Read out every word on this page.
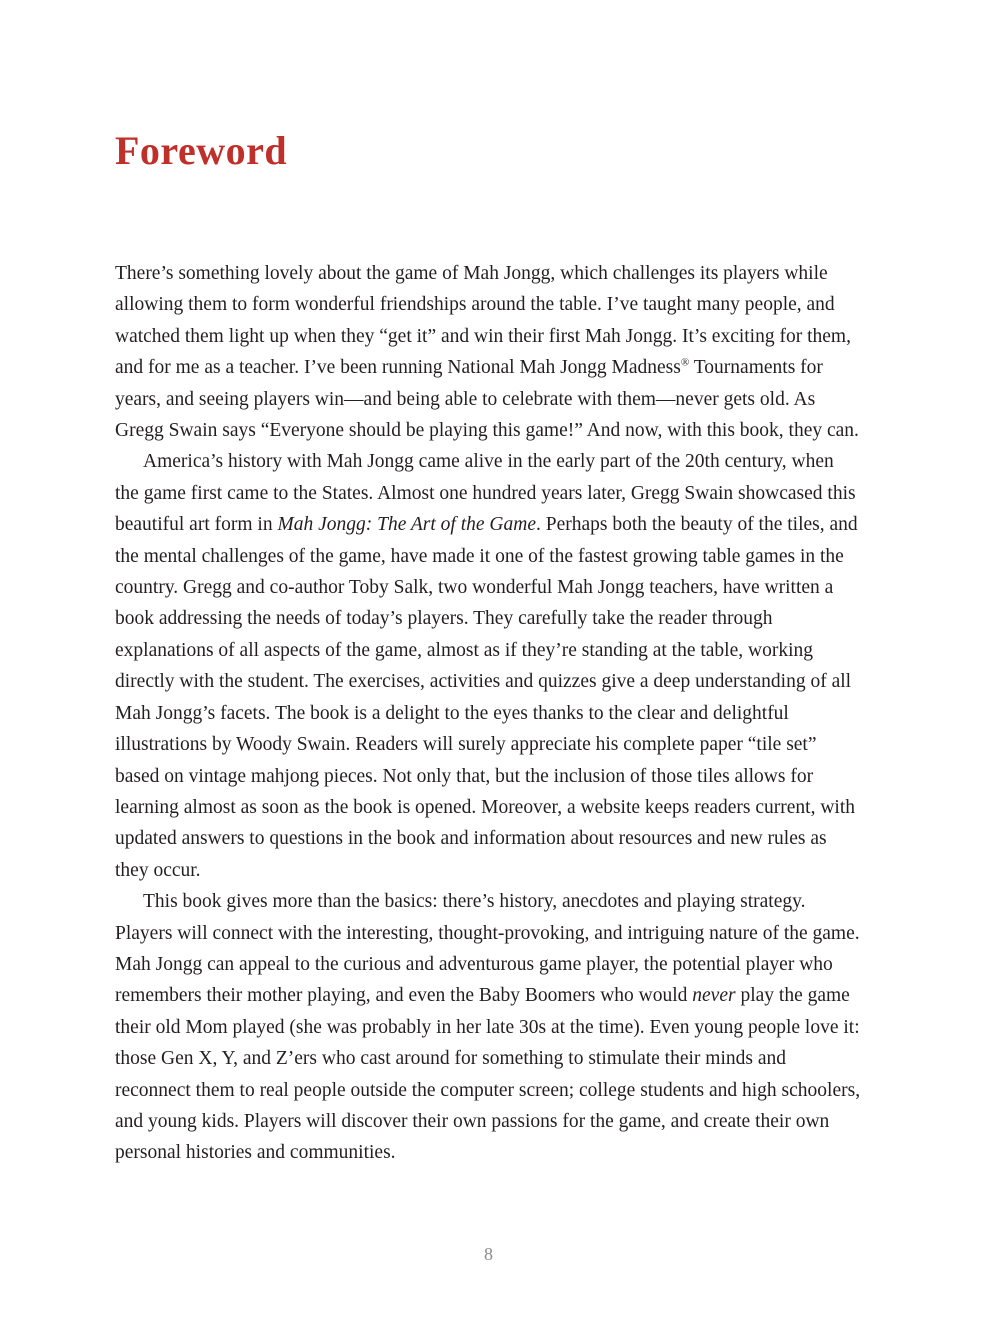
Foreword

There’s something lovely about the game of Mah Jongg, which challenges its players while allowing them to form wonderful friendships around the table. I’ve taught many people, and watched them light up when they “get it” and win their first Mah Jongg. It’s exciting for them, and for me as a teacher. I’ve been running National Mah Jongg Madness® Tournaments for years, and seeing players win—and being able to celebrate with them—never gets old. As Gregg Swain says “Everyone should be playing this game!” And now, with this book, they can.

America’s history with Mah Jongg came alive in the early part of the 20th century, when the game first came to the States. Almost one hundred years later, Gregg Swain showcased this beautiful art form in Mah Jongg: The Art of the Game. Perhaps both the beauty of the tiles, and the mental challenges of the game, have made it one of the fastest growing table games in the country. Gregg and co-author Toby Salk, two wonderful Mah Jongg teachers, have written a book addressing the needs of today’s players. They carefully take the reader through explanations of all aspects of the game, almost as if they’re standing at the table, working directly with the student. The exercises, activities and quizzes give a deep understanding of all Mah Jongg’s facets. The book is a delight to the eyes thanks to the clear and delightful illustrations by Woody Swain. Readers will surely appreciate his complete paper “tile set” based on vintage mahjong pieces. Not only that, but the inclusion of those tiles allows for learning almost as soon as the book is opened. Moreover, a website keeps readers current, with updated answers to questions in the book and information about resources and new rules as they occur.

This book gives more than the basics: there’s history, anecdotes and playing strategy. Players will connect with the interesting, thought-provoking, and intriguing nature of the game. Mah Jongg can appeal to the curious and adventurous game player, the potential player who remembers their mother playing, and even the Baby Boomers who would never play the game their old Mom played (she was probably in her late 30s at the time). Even young people love it: those Gen X, Y, and Z’ers who cast around for something to stimulate their minds and reconnect them to real people outside the computer screen; college students and high schoolers, and young kids. Players will discover their own passions for the game, and create their own personal histories and communities.

8
